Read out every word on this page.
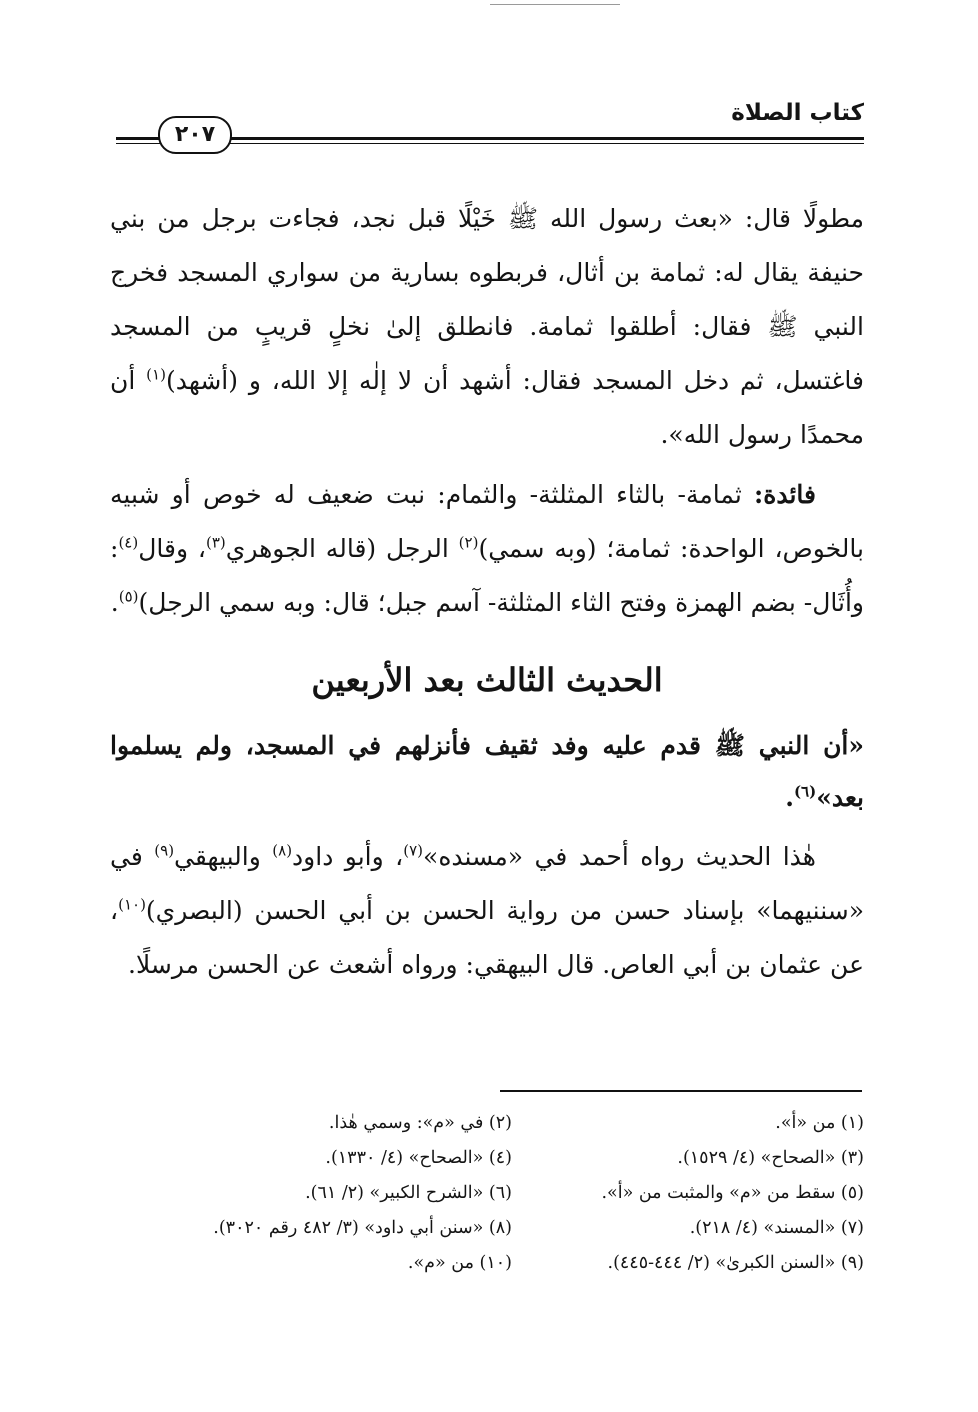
كتاب الصلاة
٢٠٧

مطولًا قال: «بعث رسول الله ﷺ خَيْلًا قبل نجد، فجاءت برجل من بني حنيفة يقال له: ثمامة بن أثال، فربطوه بسارية من سواري المسجد فخرج النبي ﷺ فقال: أطلقوا ثمامة. فانطلق إلىٰ نخلٍ قريبٍ من المسجد فاغتسل، ثم دخل المسجد فقال: أشهد أن لا إلٰه إلا الله، و (أشهد)$^{(١)}$ أن محمدًا رسول الله».

فائدة: ثمامة- بالثاء المثلثة- والثمام: نبت ضعيف له خوص أو شبيه بالخوص، الواحدة: ثمامة؛ (وبه سمي)$^{(٢)}$ الرجل (قاله الجوهري$^{(٣)}$، وقال$^{(٤)}$: وأُثَال- بضم الهمزة وفتح الثاء المثلثة- آسم جبل؛ قال: وبه سمي الرجل)$^{(٥)}$.

الحديث الثالث بعد الأربعين

«أن النبي ﷺ قدم عليه وفد ثقيف فأنزلهم في المسجد، ولم يسلموا بعد»$^{(٦)}$.

هٰذا الحديث رواه أحمد في «مسنده»$^{(٧)}$، وأبو داود$^{(٨)}$ والبيهقي$^{(٩)}$ في «سننيهما» بإسناد حسن من رواية الحسن بن أبي الحسن (البصري)$^{(١٠)}$، عن عثمان بن أبي العاص. قال البيهقي: ورواه أشعث عن الحسن مرسلًا.

(١) من «أ».
(٢) في «م»: وسمي هٰذا.
(٣) «الصحاح» (٤/ ١٥٢٩).
(٤) «الصحاح» (٤/ ١٣٣٠).
(٥) سقط من «م» والمثبت من «أ».
(٦) «الشرح الكبير» (٢/ ٦١).
(٧) «المسند» (٤/ ٢١٨).
(٨) «سنن أبي داود» (٣/ ٤٨٢ رقم ٣٠٢٠).
(٩) «السنن الكبرىٰ» (٢/ ٤٤٤-٤٤٥).
(١٠) من «م».
